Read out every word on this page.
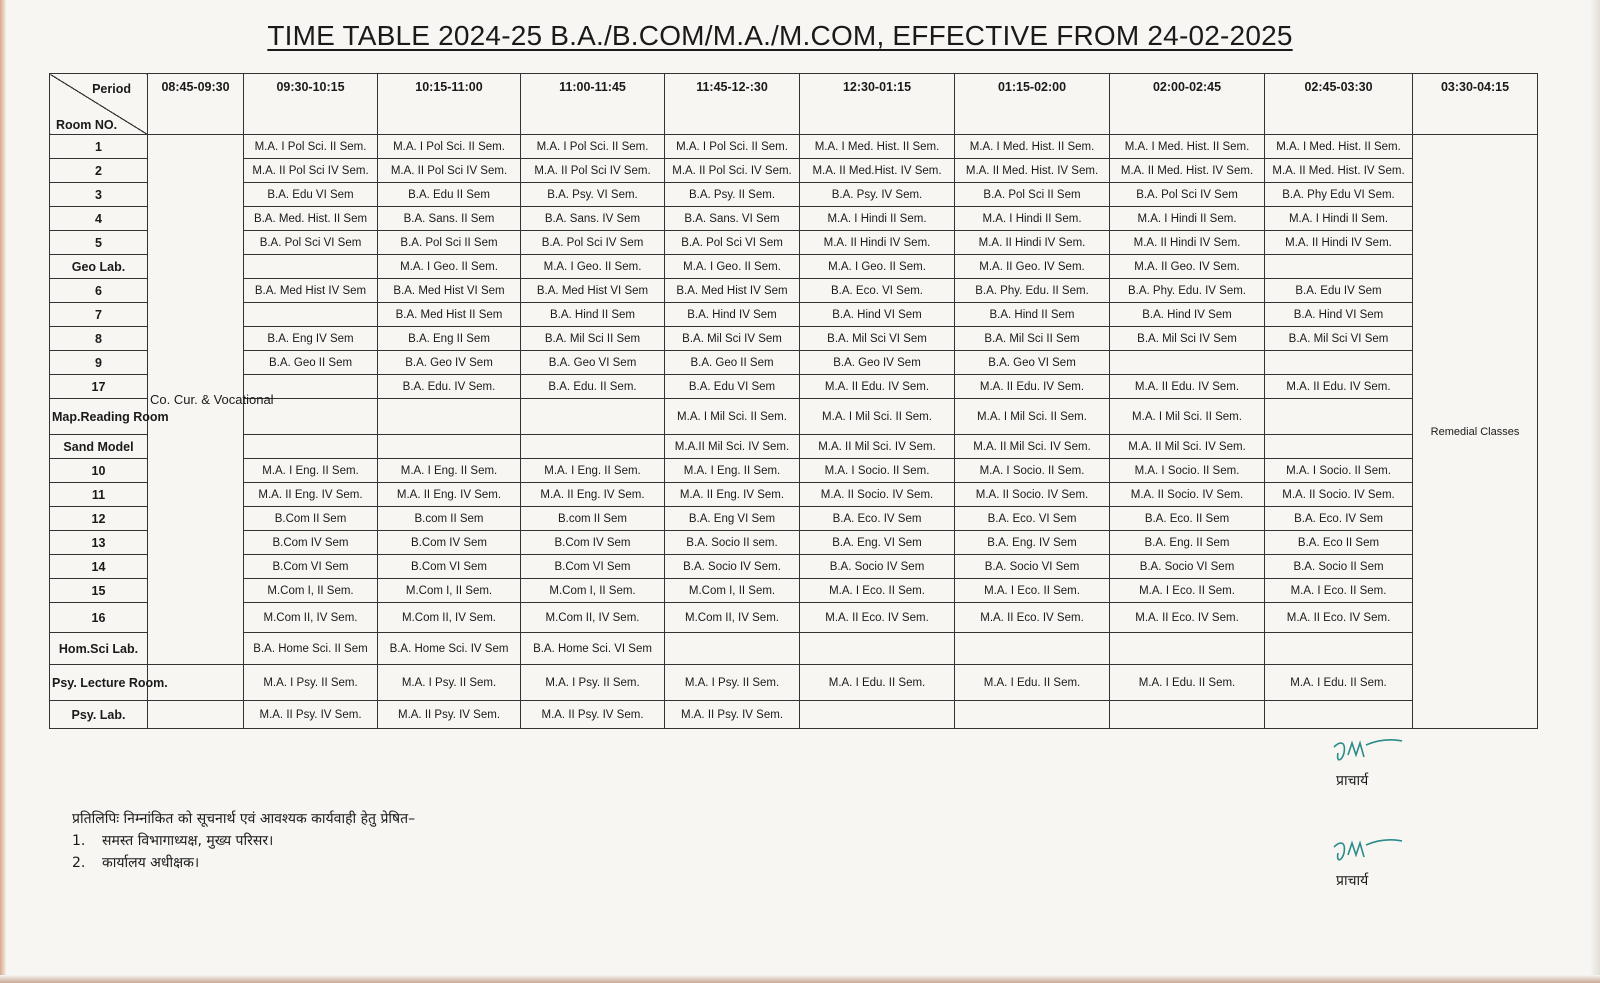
TIME TABLE 2024-25 B.A./B.COM/M.A./M.COM, EFFECTIVE FROM 24-02-2025
Period
Room NO.	08:45-09:30	09:30-10:15	10:15-11:00	11:00-11:45	11:45-12-:30	12:30-01:15	01:15-02:00	02:00-02:45	02:45-03:30	03:30-04:15
1	Co. Cur. & Vocational	M.A. I Pol Sci. II Sem.	M.A. I Pol Sci. II Sem.	M.A. I Pol Sci. II Sem.	M.A. I Pol Sci. II Sem.	M.A. I Med. Hist. II Sem.	M.A. I Med. Hist. II Sem.	M.A. I Med. Hist. II Sem.	M.A. I Med. Hist. II Sem.	Remedial Classes
2		M.A. II Pol Sci IV Sem.	M.A. II Pol Sci IV Sem.	M.A. II Pol Sci IV Sem.	M.A. II Pol Sci. IV Sem.	M.A. II Med.Hist. IV Sem.	M.A. II Med. Hist. IV Sem.	M.A. II Med. Hist. IV Sem.	M.A. II Med. Hist. IV Sem.	
3		B.A. Edu VI Sem	B.A. Edu II Sem	B.A. Psy. VI Sem.	B.A. Psy. II Sem.	B.A. Psy. IV Sem.	B.A. Pol Sci II Sem	B.A. Pol Sci IV Sem	B.A. Phy Edu VI Sem.	
4		B.A. Med. Hist. II Sem	B.A. Sans. II Sem	B.A. Sans. IV Sem	B.A. Sans. VI Sem	M.A. I Hindi II Sem.	M.A. I Hindi II Sem.	M.A. I Hindi II Sem.	M.A. I Hindi II Sem.	
5		B.A. Pol Sci VI Sem	B.A. Pol Sci II Sem	B.A. Pol Sci IV Sem	B.A. Pol Sci VI Sem	M.A. II Hindi IV Sem.	M.A. II Hindi IV Sem.	M.A. II Hindi IV Sem.	M.A. II Hindi IV Sem.	
Geo Lab.			M.A. I Geo. II Sem.	M.A. I Geo. II Sem.	M.A. I Geo. II Sem.	M.A. I Geo. II Sem.	M.A. II Geo. IV Sem.	M.A. II Geo. IV Sem.		
6		B.A. Med Hist IV Sem	B.A. Med Hist VI Sem	B.A. Med Hist VI Sem	B.A. Med Hist IV Sem	B.A. Eco. VI Sem.	B.A. Phy. Edu. II Sem.	B.A. Phy. Edu. IV Sem.	B.A. Edu IV Sem	
7			B.A. Med Hist II Sem	B.A. Hind II Sem	B.A. Hind IV Sem	B.A. Hind VI Sem	B.A. Hind II Sem	B.A. Hind IV Sem	B.A. Hind VI Sem	
8		B.A. Eng IV Sem	B.A. Eng II Sem	B.A. Mil Sci II Sem	B.A. Mil Sci IV Sem	B.A. Mil Sci VI Sem	B.A. Mil Sci II Sem	B.A. Mil Sci IV Sem	B.A. Mil Sci VI Sem	
9		B.A. Geo II Sem	B.A. Geo IV Sem	B.A. Geo VI Sem	B.A. Geo II Sem	B.A. Geo IV Sem	B.A. Geo VI Sem			
17			B.A. Edu. IV Sem.	B.A. Edu. II Sem.	B.A. Edu VI Sem	M.A. II Edu. IV Sem.	M.A. II Edu. IV Sem.	M.A. II Edu. IV Sem.	M.A. II Edu. IV Sem.	
Map.Reading Room					M.A. I Mil Sci. II Sem.	M.A. I Mil Sci. II Sem.	M.A. I Mil Sci. II Sem.	M.A. I Mil Sci. II Sem.		
Sand Model					M.A.II Mil Sci. IV Sem.	M.A. II Mil Sci. IV Sem.	M.A. II Mil Sci. IV Sem.	M.A. II Mil Sci. IV Sem.		
10		M.A. I Eng. II Sem.	M.A. I Eng. II Sem.	M.A. I Eng. II Sem.	M.A. I Eng. II Sem.	M.A. I Socio. II Sem.	M.A. I Socio. II Sem.	M.A. I Socio. II Sem.	M.A. I Socio. II Sem.	
11		M.A. II Eng. IV Sem.	M.A. II Eng. IV Sem.	M.A. II Eng. IV Sem.	M.A. II Eng. IV Sem.	M.A. II Socio. IV Sem.	M.A. II Socio. IV Sem.	M.A. II Socio. IV Sem.	M.A. II Socio. IV Sem.	
12		B.Com II Sem	B.com II Sem	B.com II Sem	B.A. Eng VI Sem	B.A. Eco. IV Sem	B.A. Eco. VI Sem	B.A. Eco. II Sem	B.A. Eco. IV Sem	
13		B.Com IV Sem	B.Com IV Sem	B.Com IV Sem	B.A. Socio II sem.	B.A. Eng. VI Sem	B.A. Eng. IV Sem	B.A. Eng. II Sem	B.A. Eco II Sem	
14		B.Com VI Sem	B.Com VI Sem	B.Com VI Sem	B.A. Socio IV Sem.	B.A. Socio IV Sem	B.A. Socio VI Sem	B.A. Socio VI Sem	B.A. Socio II Sem	
15		M.Com I, II Sem.	M.Com I, II Sem.	M.Com I, II Sem.	M.Com I, II Sem.	M.A. I Eco. II Sem.	M.A. I Eco. II Sem.	M.A. I Eco. II Sem.	M.A. I Eco. II Sem.	
16		M.Com II, IV Sem.	M.Com II, IV Sem.	M.Com II, IV Sem.	M.Com II, IV Sem.	M.A. II Eco. IV Sem.	M.A. II Eco. IV Sem.	M.A. II Eco. IV Sem.	M.A. II Eco. IV Sem.	
Hom.Sci Lab.		B.A. Home Sci. II Sem	B.A. Home Sci. IV Sem	B.A. Home Sci. VI Sem						
Psy. Lecture Room.		M.A. I Psy. II Sem.	M.A. I Psy. II Sem.	M.A. I Psy. II Sem.	M.A. I Psy. II Sem.	M.A. I Edu. II Sem.	M.A. I Edu. II Sem.	M.A. I Edu. II Sem.	M.A. I Edu. II Sem.	
Psy. Lab.		M.A. II Psy. IV Sem.	M.A. II Psy. IV Sem.	M.A. II Psy. IV Sem.	M.A. II Psy. IV Sem.					
प्राचार्य
प्राचार्य
प्रतिलिपिः निम्नांकित को सूचनार्थ एवं आवश्यक कार्यवाही हेतु प्रेषित–
1.	समस्त विभागाध्यक्ष, मुख्य परिसर।
2.	कार्यालय अधीक्षक।
